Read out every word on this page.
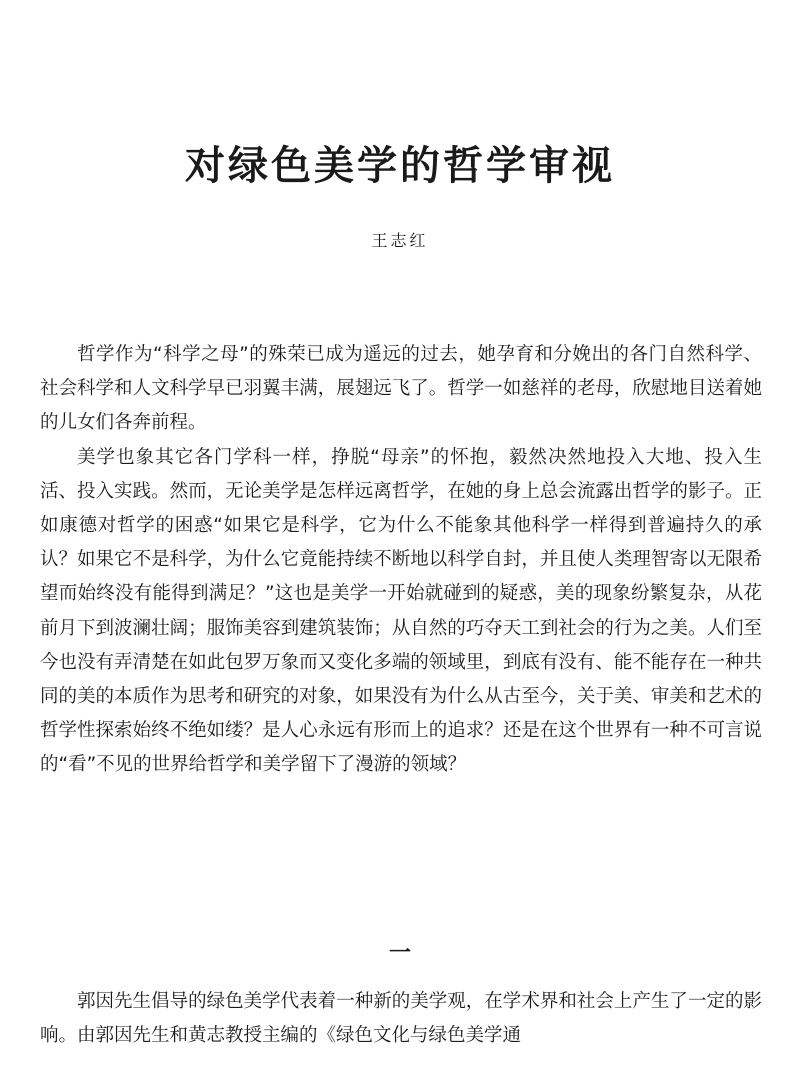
对绿色美学的哲学审视
王志红

哲学作为“科学之母”的殊荣已成为遥远的过去，她孕育和分娩出的各门自然科学、社会科学和人文科学早已羽翼丰满，展翅远飞了。哲学一如慈祥的老母，欣慰地目送着她的儿女们各奔前程。

美学也象其它各门学科一样，挣脱“母亲”的怀抱，毅然决然地投入大地、投入生活、投入实践。然而，无论美学是怎样远离哲学，在她的身上总会流露出哲学的影子。正如康德对哲学的困惑“如果它是科学，它为什么不能象其他科学一样得到普遍持久的承认？如果它不是科学，为什么它竟能持续不断地以科学自封，并且使人类理智寄以无限希望而始终没有能得到满足？”这也是美学一开始就碰到的疑惑，美的现象纷繁复杂，从花前月下到波澜壮阔；服饰美容到建筑装饰；从自然的巧夺天工到社会的行为之美。人们至今也没有弄清楚在如此包罗万象而又变化多端的领域里，到底有没有、能不能存在一种共同的美的本质作为思考和研究的对象，如果没有为什么从古至今，关于美、审美和艺术的哲学性探索始终不绝如缕？是人心永远有形而上的追求？还是在这个世界有一种不可言说的“看”不见的世界给哲学和美学留下了漫游的领域？

一

郭因先生倡导的绿色美学代表着一种新的美学观，在学术界和社会上产生了一定的影响。由郭因先生和黄志教授主编的《绿色文化与绿色美学通
